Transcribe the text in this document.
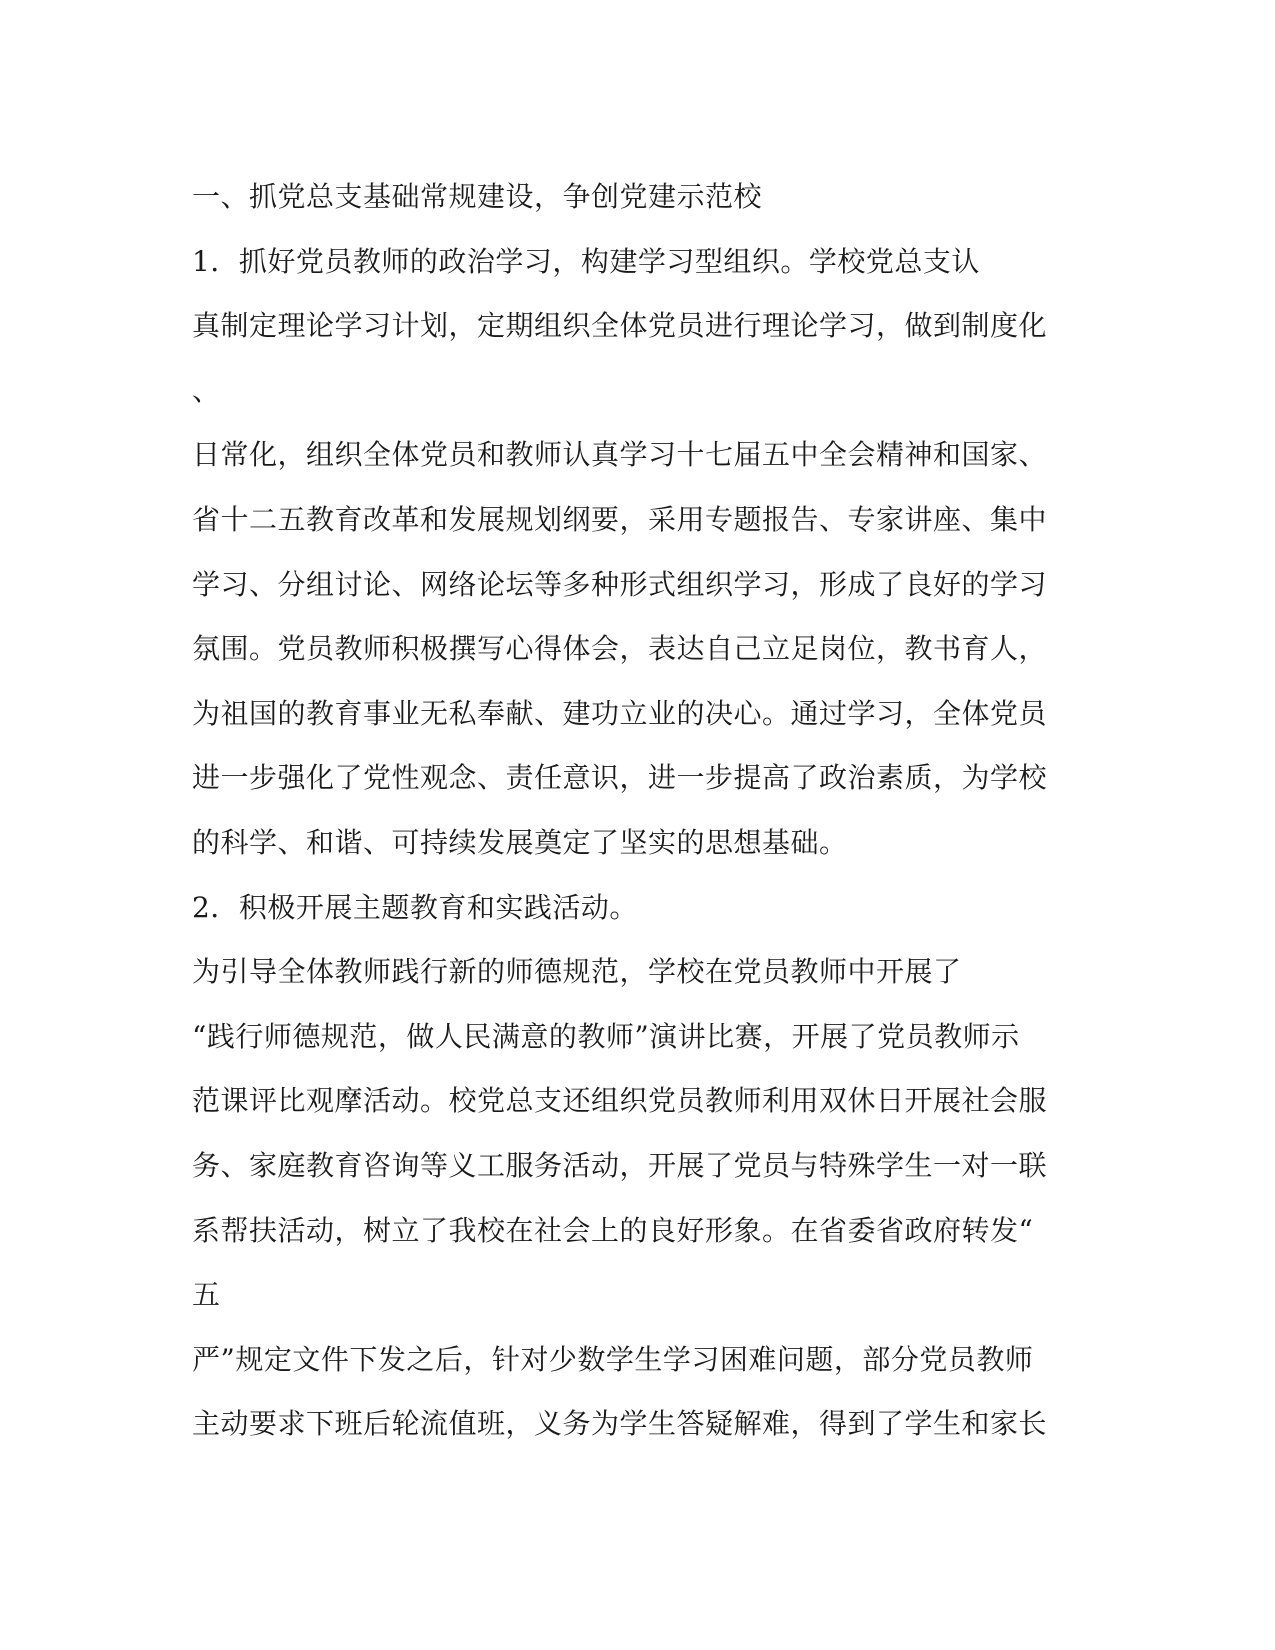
一、抓党总支基础常规建设，争创党建示范校
1．抓好党员教师的政治学习，构建学习型组织。学校党总支认
真制定理论学习计划，定期组织全体党员进行理论学习，做到制度化
、
日常化，组织全体党员和教师认真学习十七届五中全会精神和国家、
省十二五教育改革和发展规划纲要，采用专题报告、专家讲座、集中
学习、分组讨论、网络论坛等多种形式组织学习，形成了良好的学习
氛围。党员教师积极撰写心得体会，表达自己立足岗位，教书育人，
为祖国的教育事业无私奉献、建功立业的决心。通过学习，全体党员
进一步强化了党性观念、责任意识，进一步提高了政治素质，为学校
的科学、和谐、可持续发展奠定了坚实的思想基础。
2．积极开展主题教育和实践活动。
为引导全体教师践行新的师德规范，学校在党员教师中开展了
“践行师德规范，做人民满意的教师”演讲比赛，开展了党员教师示
范课评比观摩活动。校党总支还组织党员教师利用双休日开展社会服
务、家庭教育咨询等义工服务活动，开展了党员与特殊学生一对一联
系帮扶活动，树立了我校在社会上的良好形象。在省委省政府转发“
五
严”规定文件下发之后，针对少数学生学习困难问题，部分党员教师
主动要求下班后轮流值班，义务为学生答疑解难，得到了学生和家长
